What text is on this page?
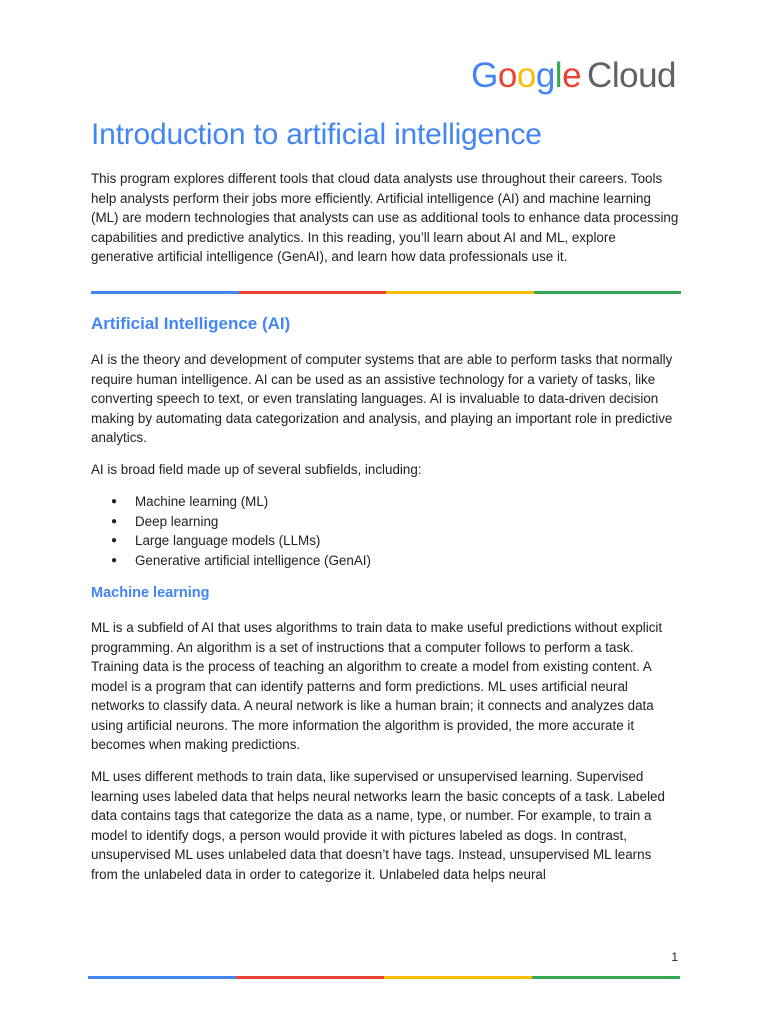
Google Cloud
Introduction to artificial intelligence

This program explores different tools that cloud data analysts use throughout their careers. Tools help analysts perform their jobs more efficiently. Artificial intelligence (AI) and machine learning (ML) are modern technologies that analysts can use as additional tools to enhance data processing capabilities and predictive analytics. In this reading, you’ll learn about AI and ML, explore generative artificial intelligence (GenAI), and learn how data professionals use it.

Artificial Intelligence (AI)

AI is the theory and development of computer systems that are able to perform tasks that normally require human intelligence. AI can be used as an assistive technology for a variety of tasks, like converting speech to text, or even translating languages. AI is invaluable to data-driven decision making by automating data categorization and analysis, and playing an important role in predictive analytics.

AI is broad field made up of several subfields, including:

● Machine learning (ML)
● Deep learning
● Large language models (LLMs)
● Generative artificial intelligence (GenAI)
Machine learning

ML is a subfield of AI that uses algorithms to train data to make useful predictions without explicit programming. An algorithm is a set of instructions that a computer follows to perform a task. Training data is the process of teaching an algorithm to create a model from existing content. A model is a program that can identify patterns and form predictions. ML uses artificial neural networks to classify data. A neural network is like a human brain; it connects and analyzes data using artificial neurons. The more information the algorithm is provided, the more accurate it becomes when making predictions.

ML uses different methods to train data, like supervised or unsupervised learning. Supervised learning uses labeled data that helps neural networks learn the basic concepts of a task. Labeled data contains tags that categorize the data as a name, type, or number. For example, to train a model to identify dogs, a person would provide it with pictures labeled as dogs. In contrast, unsupervised ML uses unlabeled data that doesn’t have tags. Instead, unsupervised ML learns from the unlabeled data in order to categorize it. Unlabeled data helps neural

1
